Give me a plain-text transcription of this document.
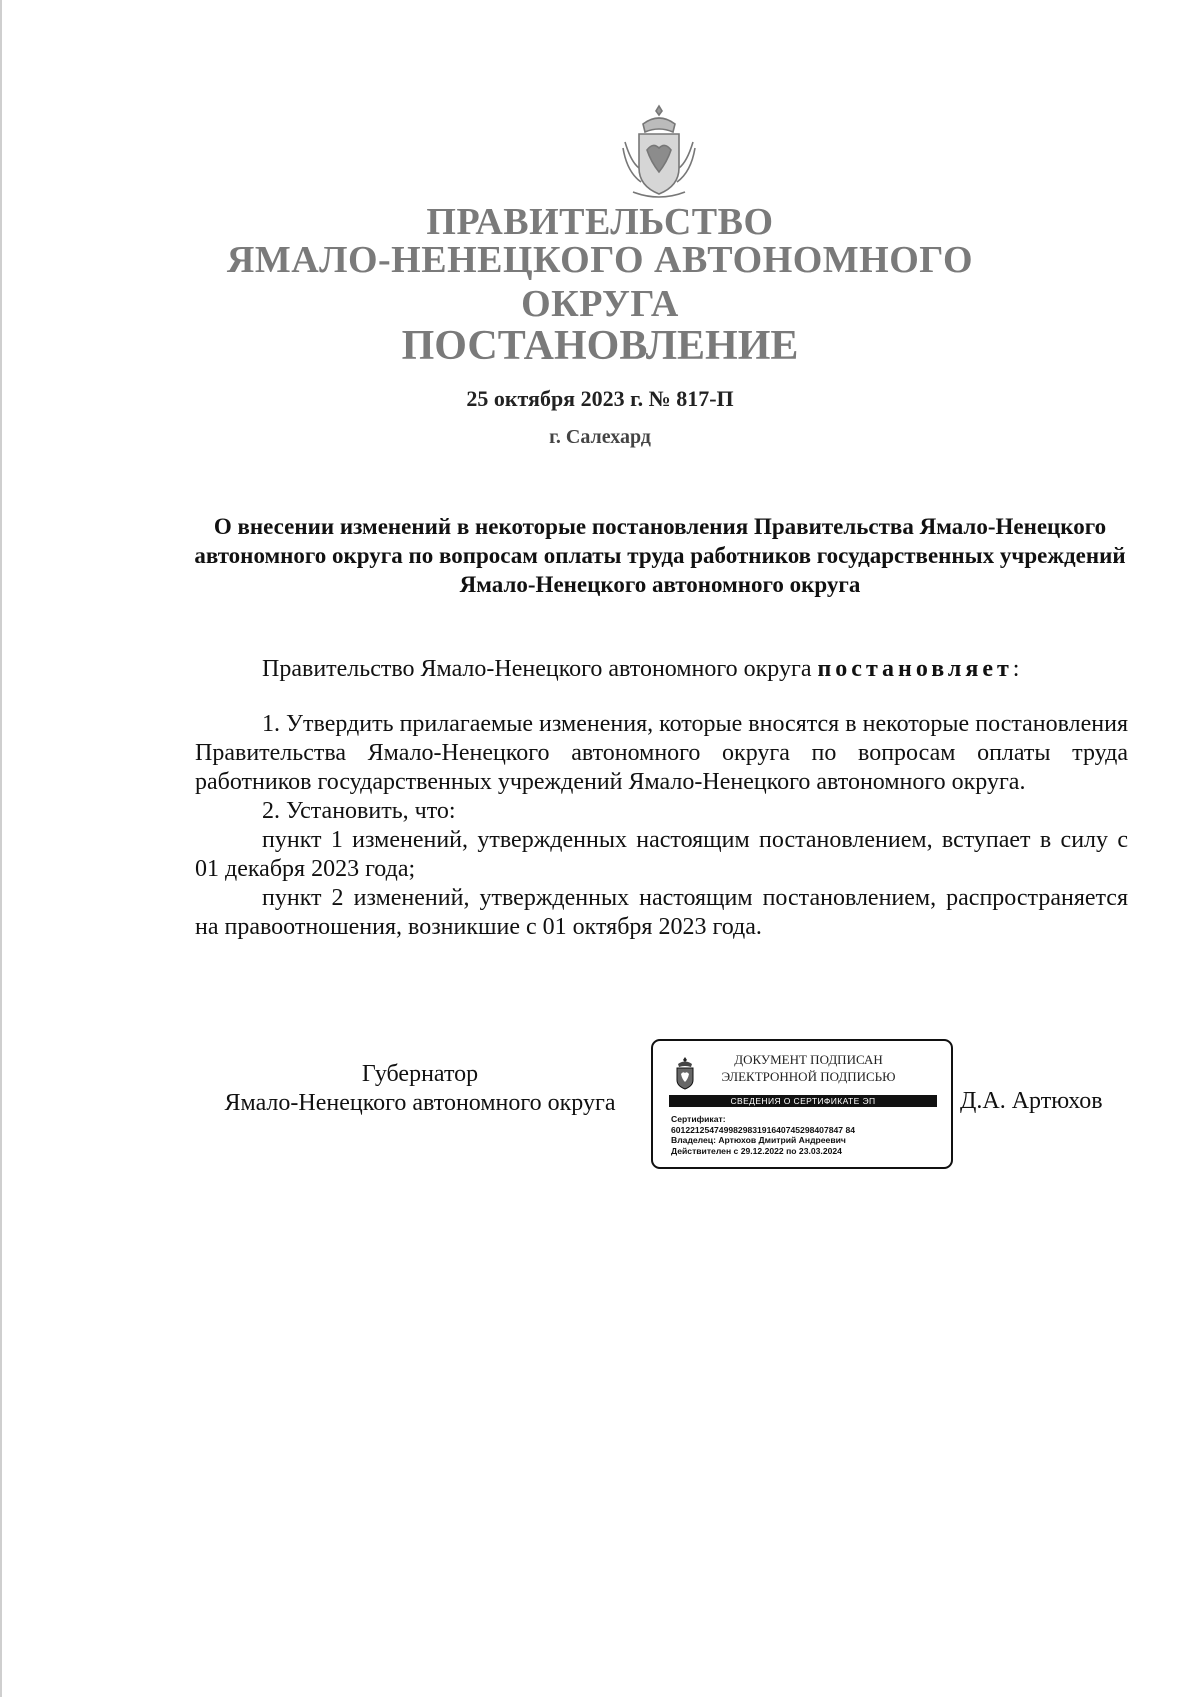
ПРАВИТЕЛЬСТВО
ЯМАЛО-НЕНЕЦКОГО АВТОНОМНОГО ОКРУГА
ПОСТАНОВЛЕНИЕ
25 октября 2023 г. № 817-П
г. Салехард
О внесении изменений в некоторые постановления Правительства Ямало-Ненецкого автономного округа по вопросам оплаты труда работников государственных учреждений Ямало-Ненецкого автономного округа

Правительство Ямало-Ненецкого автономного округа постановляет:

1. Утвердить прилагаемые изменения, которые вносятся в некоторые постановления Правительства Ямало-Ненецкого автономного округа по вопросам оплаты труда работников государственных учреждений Ямало-Ненецкого автономного округа.

2. Установить, что:

пункт 1 изменений, утвержденных настоящим постановлением, вступает в силу с 01 декабря 2023 года;

пункт 2 изменений, утвержденных настоящим постановлением, распространяется на правоотношения, возникшие с 01 октября 2023 года.

Губернатор
Ямало-Ненецкого автономного округа
ДОКУМЕНТ ПОДПИСАН
ЭЛЕКТРОННОЙ ПОДПИСЬЮ
СВЕДЕНИЯ О СЕРТИФИКАТЕ ЭП
Сертификат:
601221254749982983191640745298407847 84
Владелец: Артюхов Дмитрий Андреевич
Действителен с 29.12.2022 по 23.03.2024
Д.А. Артюхов
